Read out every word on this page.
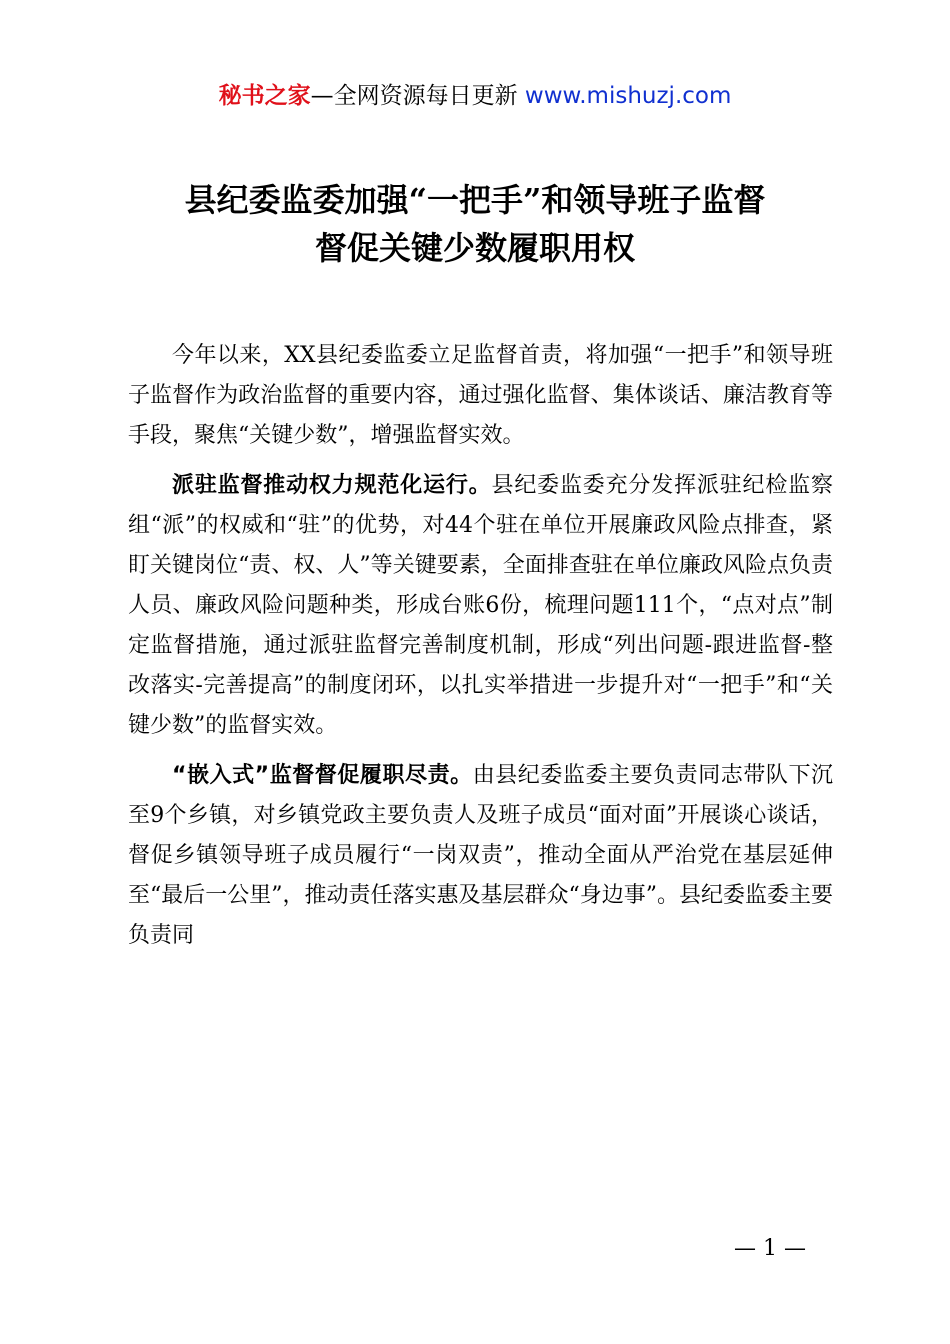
秘书之家—全网资源每日更新 www.mishuzj.com
县纪委监委加强“一把手”和领导班子监督
督促关键少数履职用权

今年以来，XX县纪委监委立足监督首责，将加强“一把手”和领导班子监督作为政治监督的重要内容，通过强化监督、集体谈话、廉洁教育等手段，聚焦“关键少数”，增强监督实效。

派驻监督推动权力规范化运行。县纪委监委充分发挥派驻纪检监察组“派”的权威和“驻”的优势，对44个驻在单位开展廉政风险点排查，紧盯关键岗位“责、权、人”等关键要素，全面排查驻在单位廉政风险点负责人员、廉政风险问题种类，形成台账6份，梳理问题111个，“点对点”制定监督措施，通过派驻监督完善制度机制，形成“列出问题-跟进监督-整改落实-完善提高”的制度闭环，以扎实举措进一步提升对“一把手”和“关键少数”的监督实效。

“嵌入式”监督督促履职尽责。由县纪委监委主要负责同志带队下沉至9个乡镇，对乡镇党政主要负责人及班子成员“面对面”开展谈心谈话，督促乡镇领导班子成员履行“一岗双责”，推动全面从严治党在基层延伸至“最后一公里”，推动责任落实惠及基层群众“身边事”。县纪委监委主要负责同

— 1 —
